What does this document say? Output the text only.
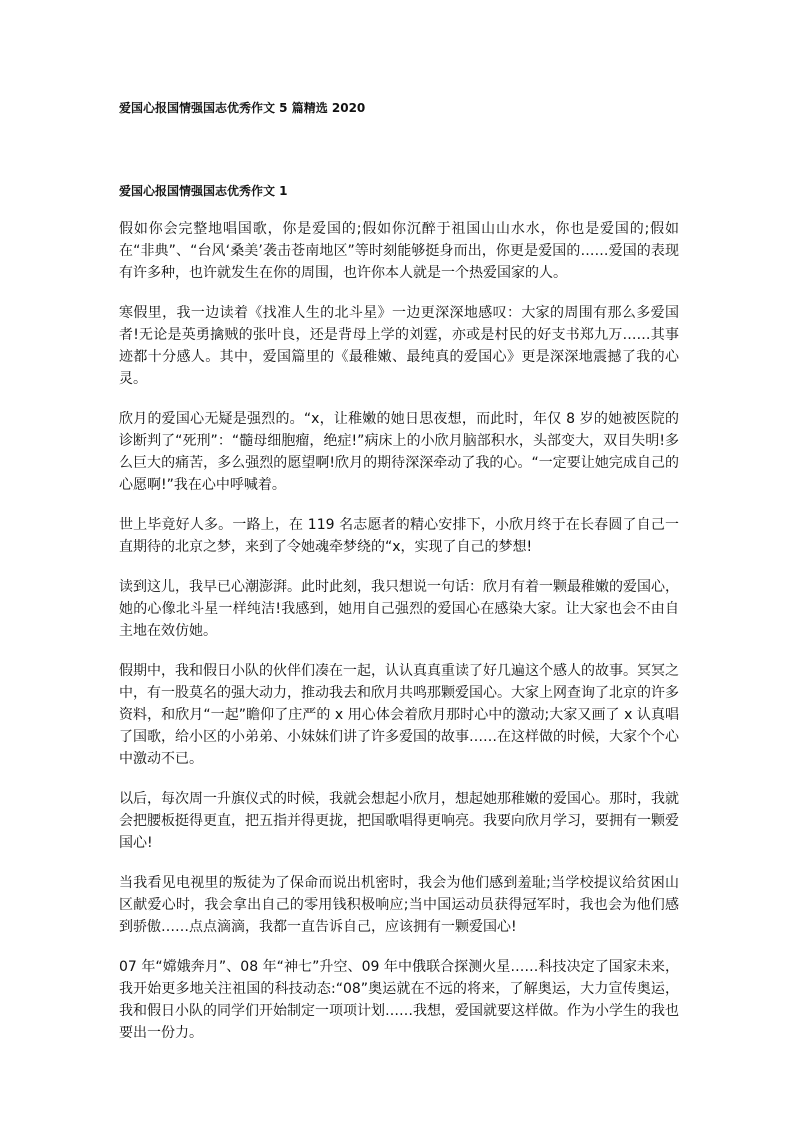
爱国心报国情强国志优秀作文 5 篇精选 2020
爱国心报国情强国志优秀作文 1

假如你会完整地唱国歌，你是爱国的;假如你沉醉于祖国山山水水，你也是爱国的;假如在“非典”、“台风‘桑美’袭击苍南地区”等时刻能够挺身而出，你更是爱国的……爱国的表现有许多种，也许就发生在你的周围，也许你本人就是一个热爱国家的人。

寒假里，我一边读着《找准人生的北斗星》一边更深深地感叹：大家的周围有那么多爱国者!无论是英勇擒贼的张叶良，还是背母上学的刘霆，亦或是村民的好支书郑九万……其事迹都十分感人。其中，爱国篇里的《最稚嫩、最纯真的爱国心》更是深深地震撼了我的心灵。

欣月的爱国心无疑是强烈的。“x，让稚嫩的她日思夜想，而此时，年仅 8 岁的她被医院的诊断判了“死刑”：“髓母细胞瘤，绝症!”病床上的小欣月脑部积水，头部变大，双目失明!多么巨大的痛苦，多么强烈的愿望啊!欣月的期待深深牵动了我的心。“一定要让她完成自己的心愿啊!”我在心中呼喊着。

世上毕竟好人多。一路上，在 119 名志愿者的精心安排下，小欣月终于在长春圆了自己一直期待的北京之梦，来到了令她魂牵梦绕的“x，实现了自己的梦想!

读到这儿，我早已心潮澎湃。此时此刻，我只想说一句话：欣月有着一颗最稚嫩的爱国心，她的心像北斗星一样纯洁!我感到，她用自己强烈的爱国心在感染大家。让大家也会不由自主地在效仿她。

假期中，我和假日小队的伙伴们凑在一起，认认真真重读了好几遍这个感人的故事。冥冥之中，有一股莫名的强大动力，推动我去和欣月共鸣那颗爱国心。大家上网查询了北京的许多资料，和欣月“一起”瞻仰了庄严的 x 用心体会着欣月那时心中的激动;大家又画了 x 认真唱了国歌，给小区的小弟弟、小妹妹们讲了许多爱国的故事……在这样做的时候，大家个个心中激动不已。

以后，每次周一升旗仪式的时候，我就会想起小欣月，想起她那稚嫩的爱国心。那时，我就会把腰板挺得更直，把五指并得更拢，把国歌唱得更响亮。我要向欣月学习，要拥有一颗爱国心!

当我看见电视里的叛徒为了保命而说出机密时，我会为他们感到羞耻;当学校提议给贫困山区献爱心时，我会拿出自己的零用钱积极响应;当中国运动员获得冠军时，我也会为他们感到骄傲……点点滴滴，我都一直告诉自己，应该拥有一颗爱国心!

07 年“嫦娥奔月”、08 年“神七”升空、09 年中俄联合探测火星……科技决定了国家未来，我开始更多地关注祖国的科技动态:“08”奥运就在不远的将来，了解奥运，大力宣传奥运，我和假日小队的同学们开始制定一项项计划……我想，爱国就要这样做。作为小学生的我也要出一份力。
